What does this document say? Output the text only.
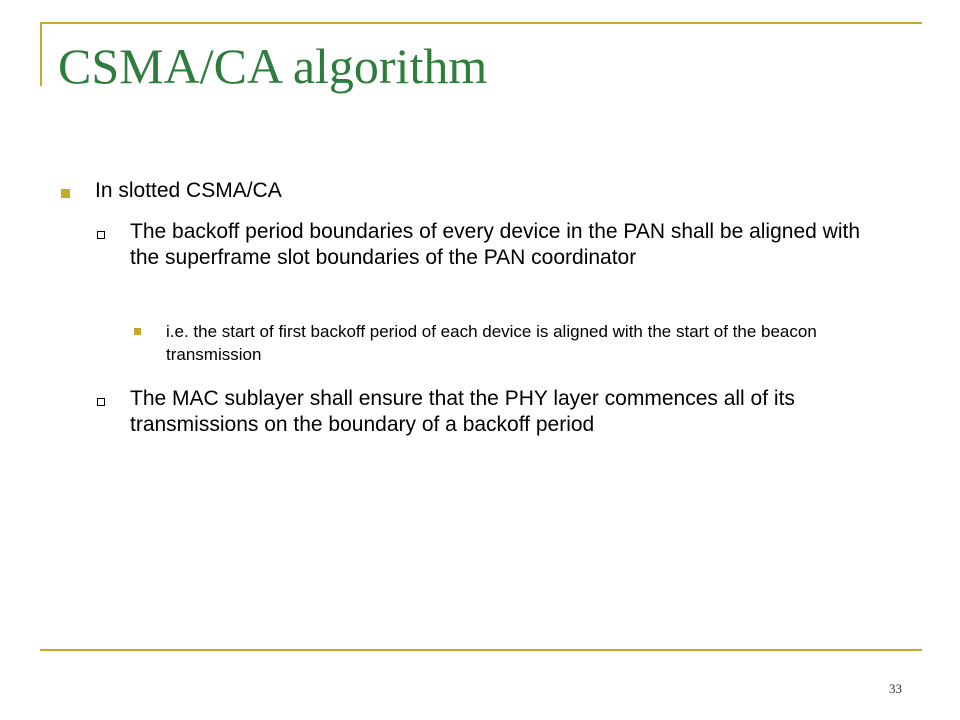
CSMA/CA algorithm

In slotted CSMA/CA

The backoff period boundaries of every device in the PAN shall be aligned with the superframe slot boundaries of the PAN coordinator

i.e. the start of first backoff period of each device is aligned with the start of the beacon transmission

The MAC sublayer shall ensure that the PHY layer commences all of its transmissions on the boundary of a backoff period

33
